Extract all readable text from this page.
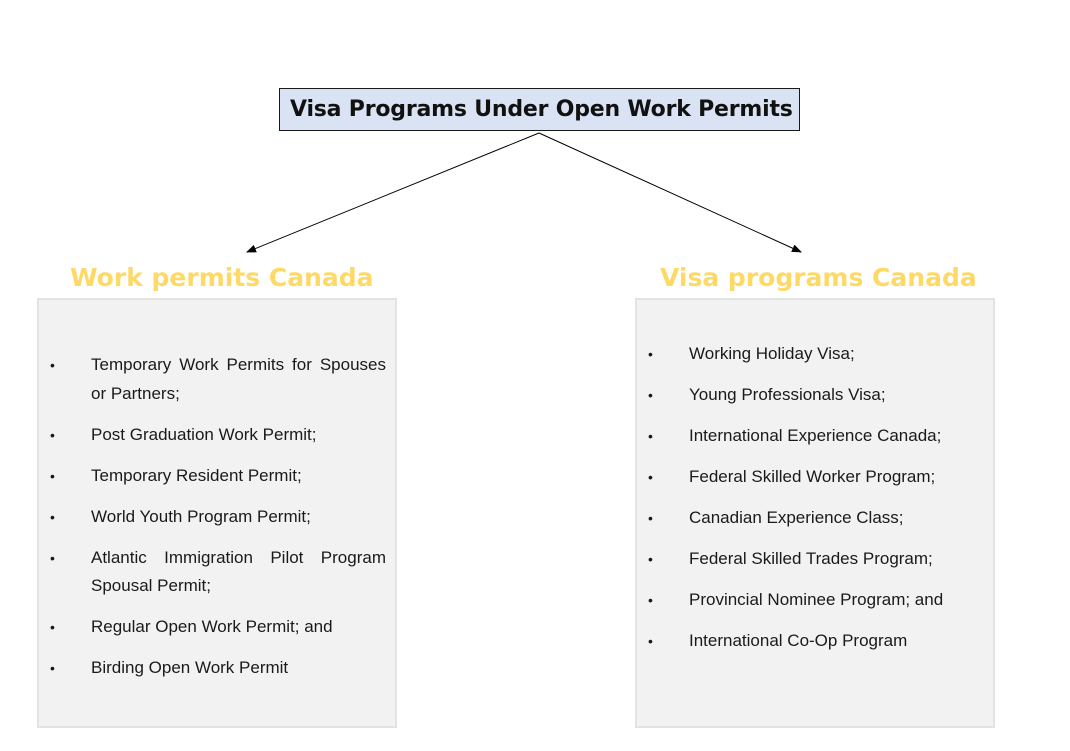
Visa Programs Under Open Work Permits
Work permits Canada	Visa programs Canada
• Temporary Work Permits for Spouses or Partners;
• Post Graduation Work Permit;
• Temporary Resident Permit;
• World Youth Program Permit;
• Atlantic Immigration Pilot Program Spousal Permit;
• Regular Open Work Permit; and
• Birding Open Work Permit
• Working Holiday Visa;
• Young Professionals Visa;
• International Experience Canada;
• Federal Skilled Worker Program;
• Canadian Experience Class;
• Federal Skilled Trades Program;
• Provincial Nominee Program; and
• International Co-Op Program
